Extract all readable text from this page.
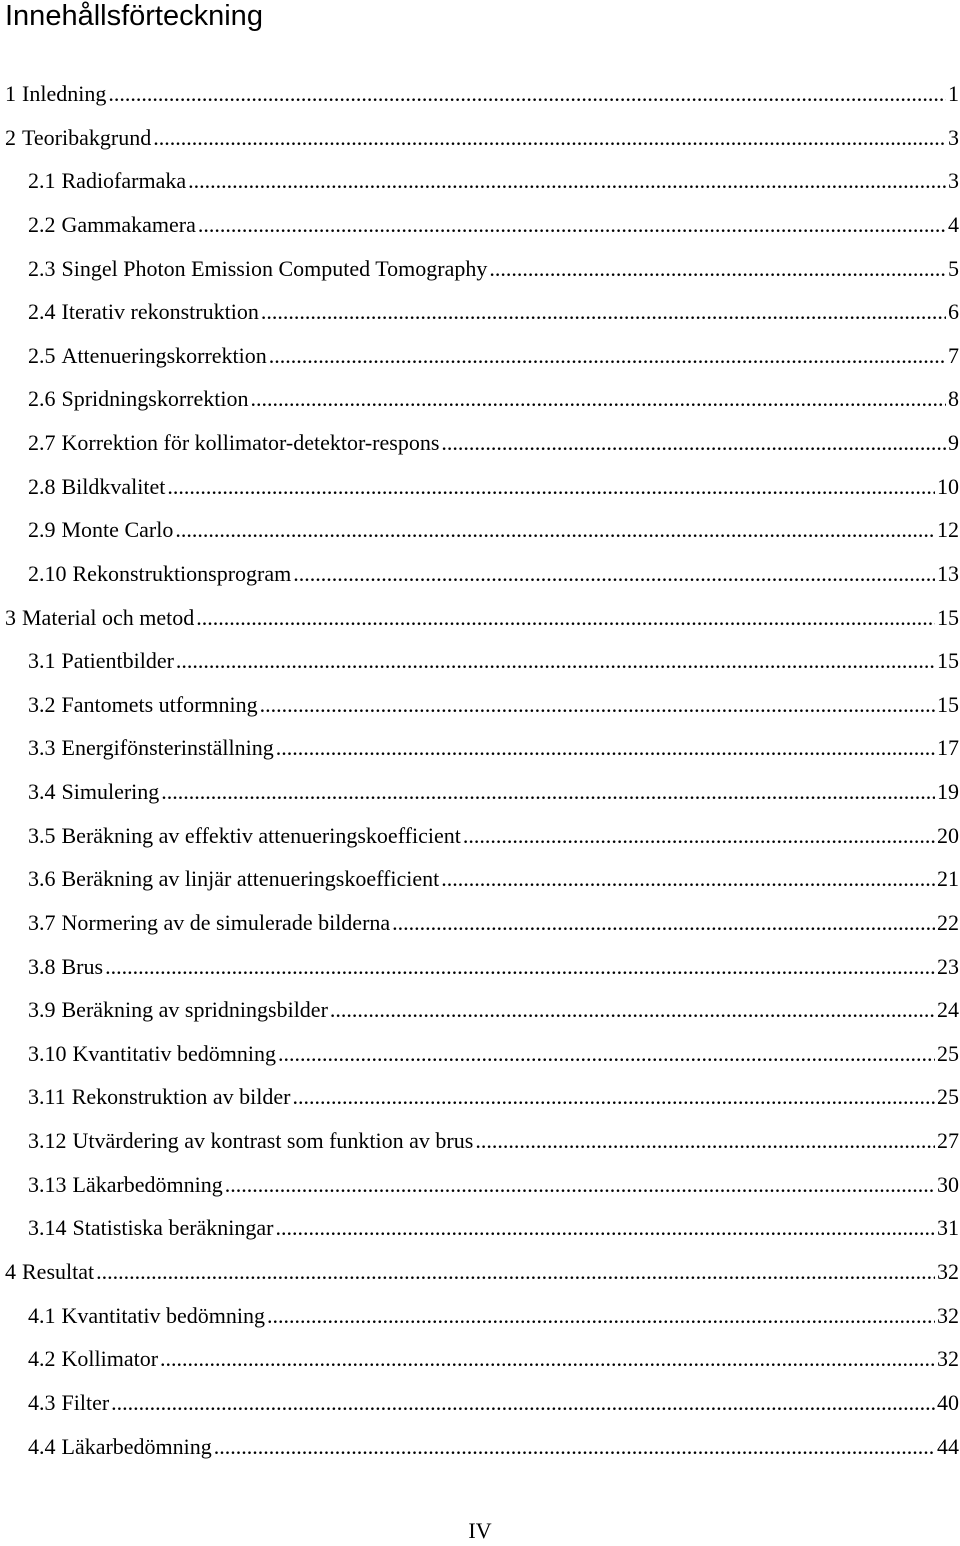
Innehållsförteckning
1 Inledning .....	1
2 Teoribakgrund .....	3
2.1 Radiofarmaka .....	3
2.2 Gammakamera .....	4
2.3 Singel Photon Emission Computed Tomography .....	5
2.4 Iterativ rekonstruktion .....	6
2.5 Attenueringskorrektion .....	7
2.6 Spridningskorrektion .....	8
2.7 Korrektion för kollimator-detektor-respons .....	9
2.8 Bildkvalitet .....	10
2.9 Monte Carlo .....	12
2.10 Rekonstruktionsprogram .....	13
3 Material och metod .....	15
3.1 Patientbilder .....	15
3.2 Fantomets utformning .....	15
3.3 Energifönsterinställning .....	17
3.4 Simulering .....	19
3.5 Beräkning av effektiv attenueringskoefficient .....	20
3.6 Beräkning av linjär attenueringskoefficient .....	21
3.7 Normering av de simulerade bilderna .....	22
3.8 Brus .....	23
3.9 Beräkning av spridningsbilder .....	24
3.10 Kvantitativ bedömning .....	25
3.11 Rekonstruktion av bilder .....	25
3.12 Utvärdering av kontrast som funktion av brus .....	27
3.13 Läkarbedömning .....	30
3.14 Statistiska beräkningar .....	31
4 Resultat .....	32
4.1 Kvantitativ bedömning .....	32
4.2 Kollimator .....	32
4.3 Filter .....	40
4.4 Läkarbedömning .....	44
IV
